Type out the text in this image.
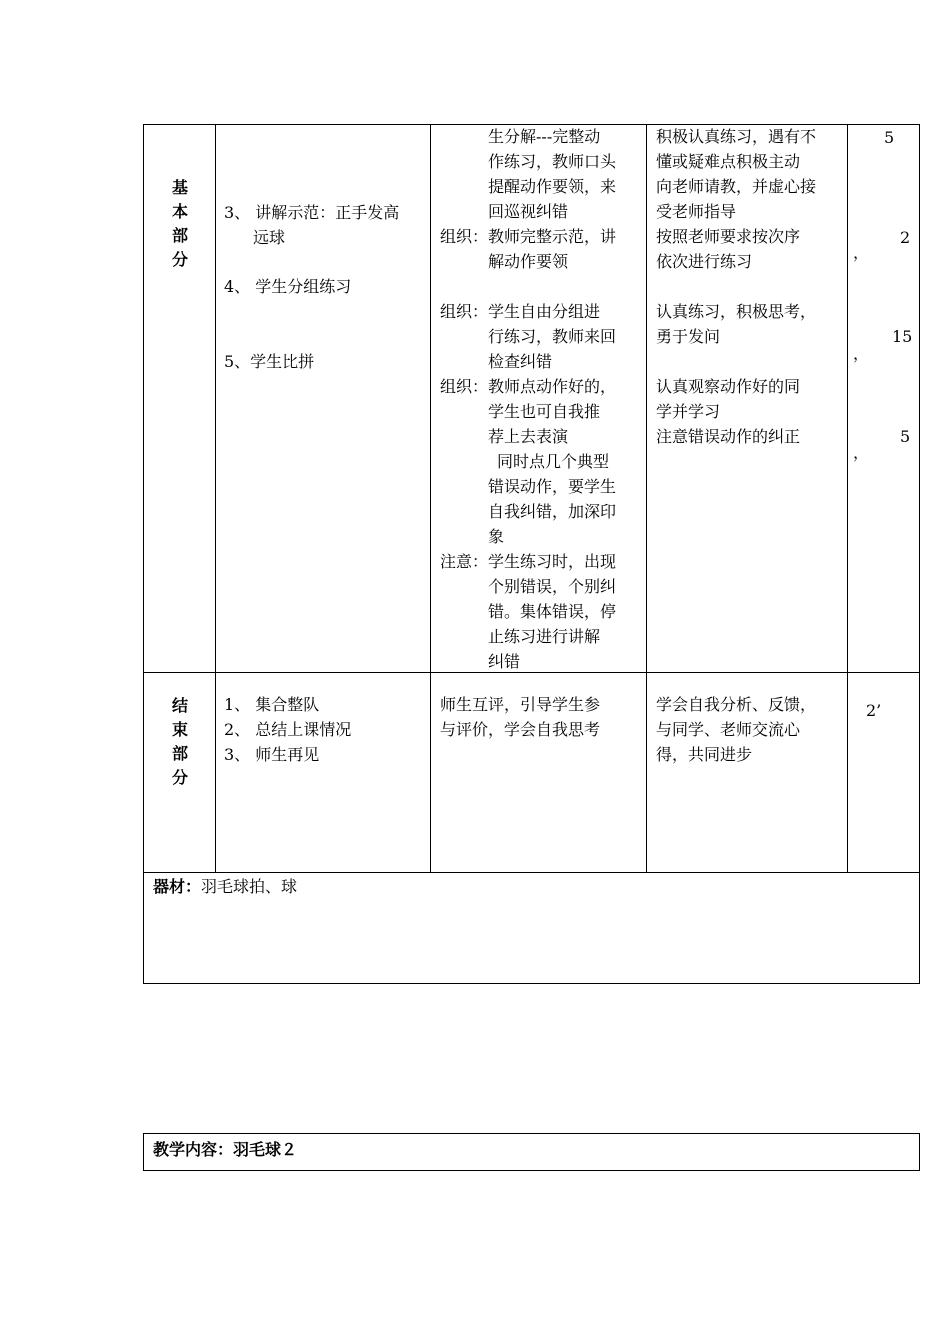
基
本
部
分
3、 讲解示范：正手发高
远球
4、 学生分组练习
5、学生比拼
生分解---完整动
作练习，教师口头
提醒动作要领，来
回巡视纠错
组织：教师完整示范，讲
解动作要领
组织：学生自由分组进
行练习，教师来回
检查纠错
组织：教师点动作好的，
学生也可自我推
荐上去表演
同时点几个典型
错误动作，要学生
自我纠错，加深印
象
注意：学生练习时，出现
个别错误，个别纠
错。集体错误，停
止练习进行讲解
纠错
积极认真练习，遇有不
懂或疑难点积极主动
向老师请教，并虚心接
受老师指导
按照老师要求按次序
依次进行练习
认真练习，积极思考，
勇于发问
认真观察动作好的同
学并学习
注意错误动作的纠正
5
2
，
15
，
5
，
结
束
部
分
1、 集合整队
2、 总结上课情况
3、 师生再见
师生互评，引导学生参
与评价，学会自我思考
学会自我分析、反馈，
与同学、老师交流心
得，共同进步
2’
器材：羽毛球拍、球
教学内容：羽毛球２
